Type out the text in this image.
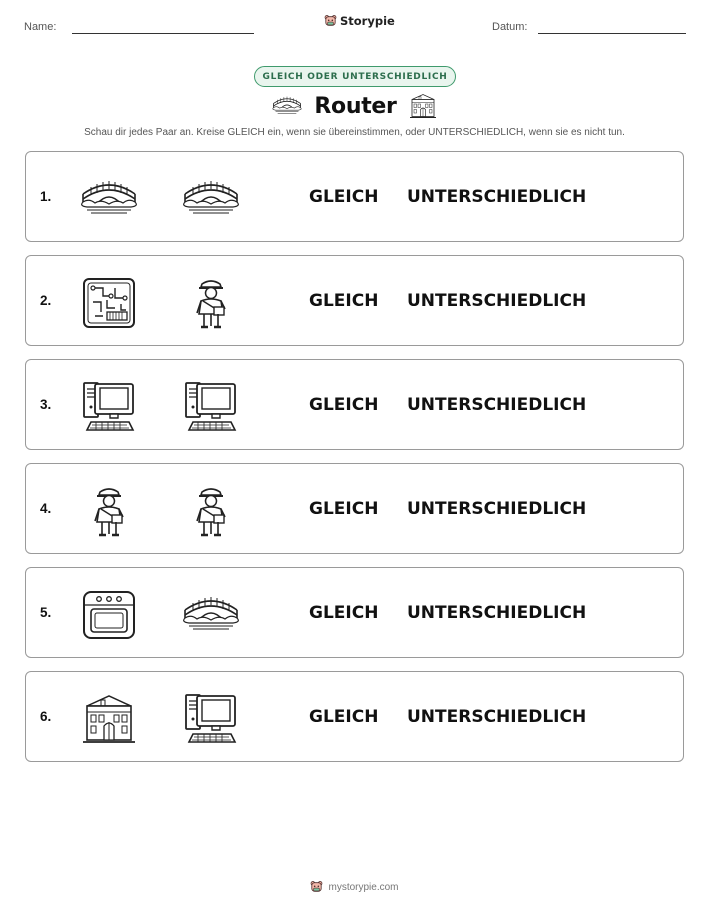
Name:	Storypie	Datum:
GLEICH ODER UNTERSCHIEDLICH
Router
Schau dir jedes Paar an. Kreise GLEICH ein, wenn sie übereinstimmen, oder UNTERSCHIEDLICH, wenn sie es nicht tun.
1.	GLEICH UNTERSCHIEDLICH
2.	GLEICH UNTERSCHIEDLICH
3.	GLEICH UNTERSCHIEDLICH
4.	GLEICH UNTERSCHIEDLICH
5.	GLEICH UNTERSCHIEDLICH
6.	GLEICH UNTERSCHIEDLICH
mystorypie.com
